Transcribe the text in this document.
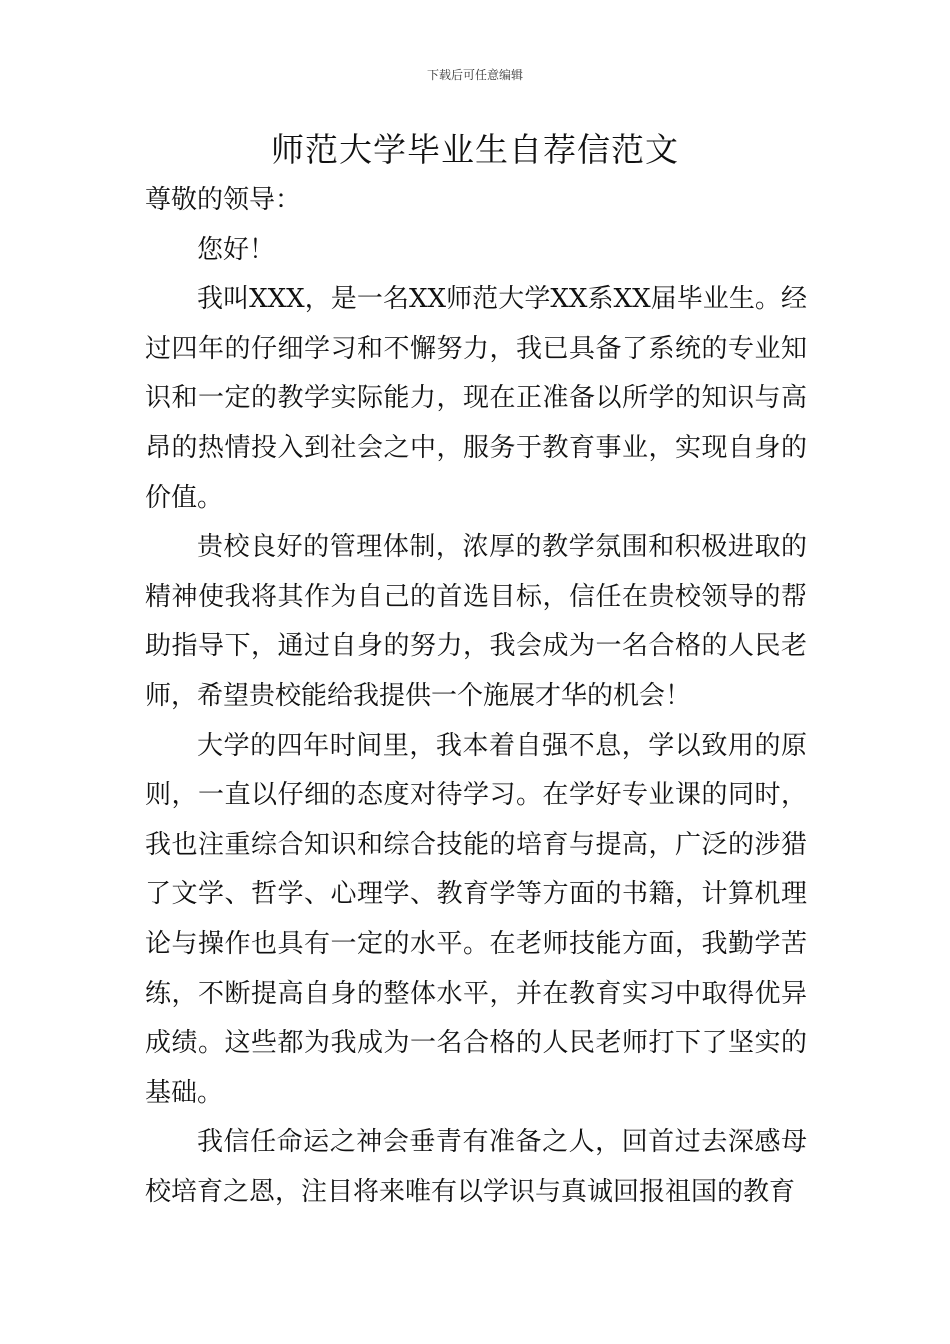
下载后可任意编辑
师范大学毕业生自荐信范文

尊敬的领导：

您好！

我叫XXX，是一名XX师范大学XX系XX届毕业生。经过四年的仔细学习和不懈努力，我已具备了系统的专业知识和一定的教学实际能力，现在正准备以所学的知识与高昂的热情投入到社会之中，服务于教育事业，实现自身的价值。

贵校良好的管理体制，浓厚的教学氛围和积极进取的精神使我将其作为自己的首选目标，信任在贵校领导的帮助指导下，通过自身的努力，我会成为一名合格的人民老师，希望贵校能给我提供一个施展才华的机会！

大学的四年时间里，我本着自强不息，学以致用的原则，一直以仔细的态度对待学习。在学好专业课的同时，我也注重综合知识和综合技能的培育与提高，广泛的涉猎了文学、哲学、心理学、教育学等方面的书籍，计算机理论与操作也具有一定的水平。在老师技能方面，我勤学苦练，不断提高自身的整体水平，并在教育实习中取得优异成绩。这些都为我成为一名合格的人民老师打下了坚实的基础。

我信任命运之神会垂青有准备之人，回首过去深感母校培育之恩，注目将来唯有以学识与真诚回报祖国的教育
